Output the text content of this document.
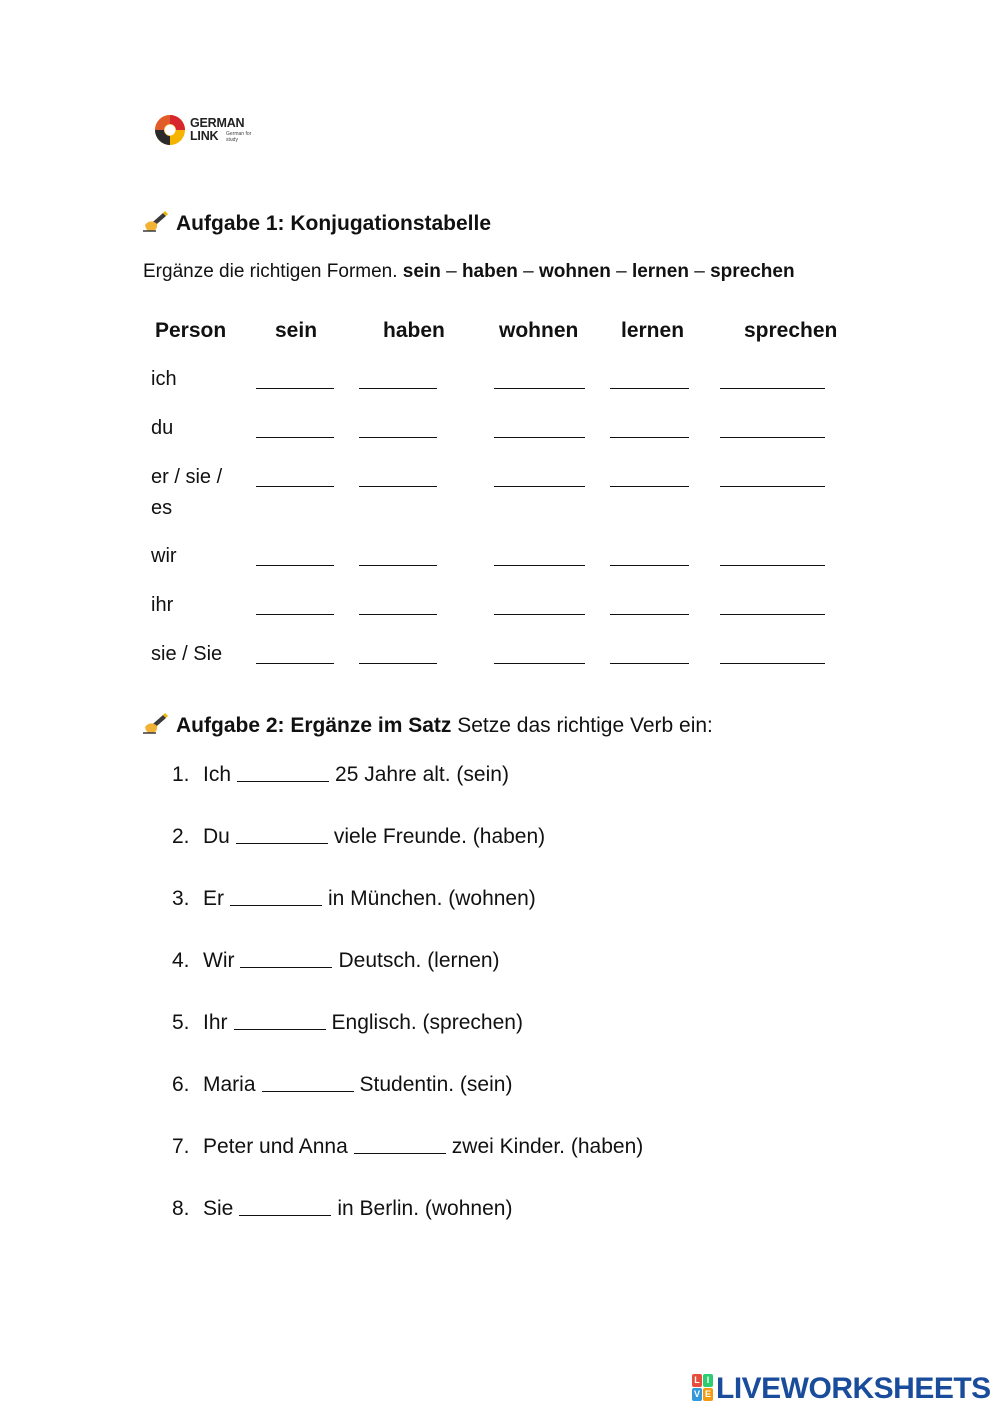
GERMAN
LINK German for study
Aufgabe 1: Konjugationstabelle
Ergänze die richtigen Formen. sein – haben – wohnen – lernen – sprechen
Person sein	haben	wohnen lernen	sprechen
ich
du
er / sie / es
wir
ihr
sie / Sie
Aufgabe 2: Ergänze im Satz Setze das richtige Verb ein:
1. Ich	25 Jahre alt. (sein)
2. Du	viele Freunde. (haben)
3. Er	in München. (wohnen)
4. Wir	Deutsch. (lernen)
5. Ihr	Englisch. (sprechen)
6. Maria	Studentin. (sein)
7. Peter und Anna	zwei Kinder. (haben)
8. Sie	in Berlin. (wohnen)
L I
V E LIVEWORKSHEETS
